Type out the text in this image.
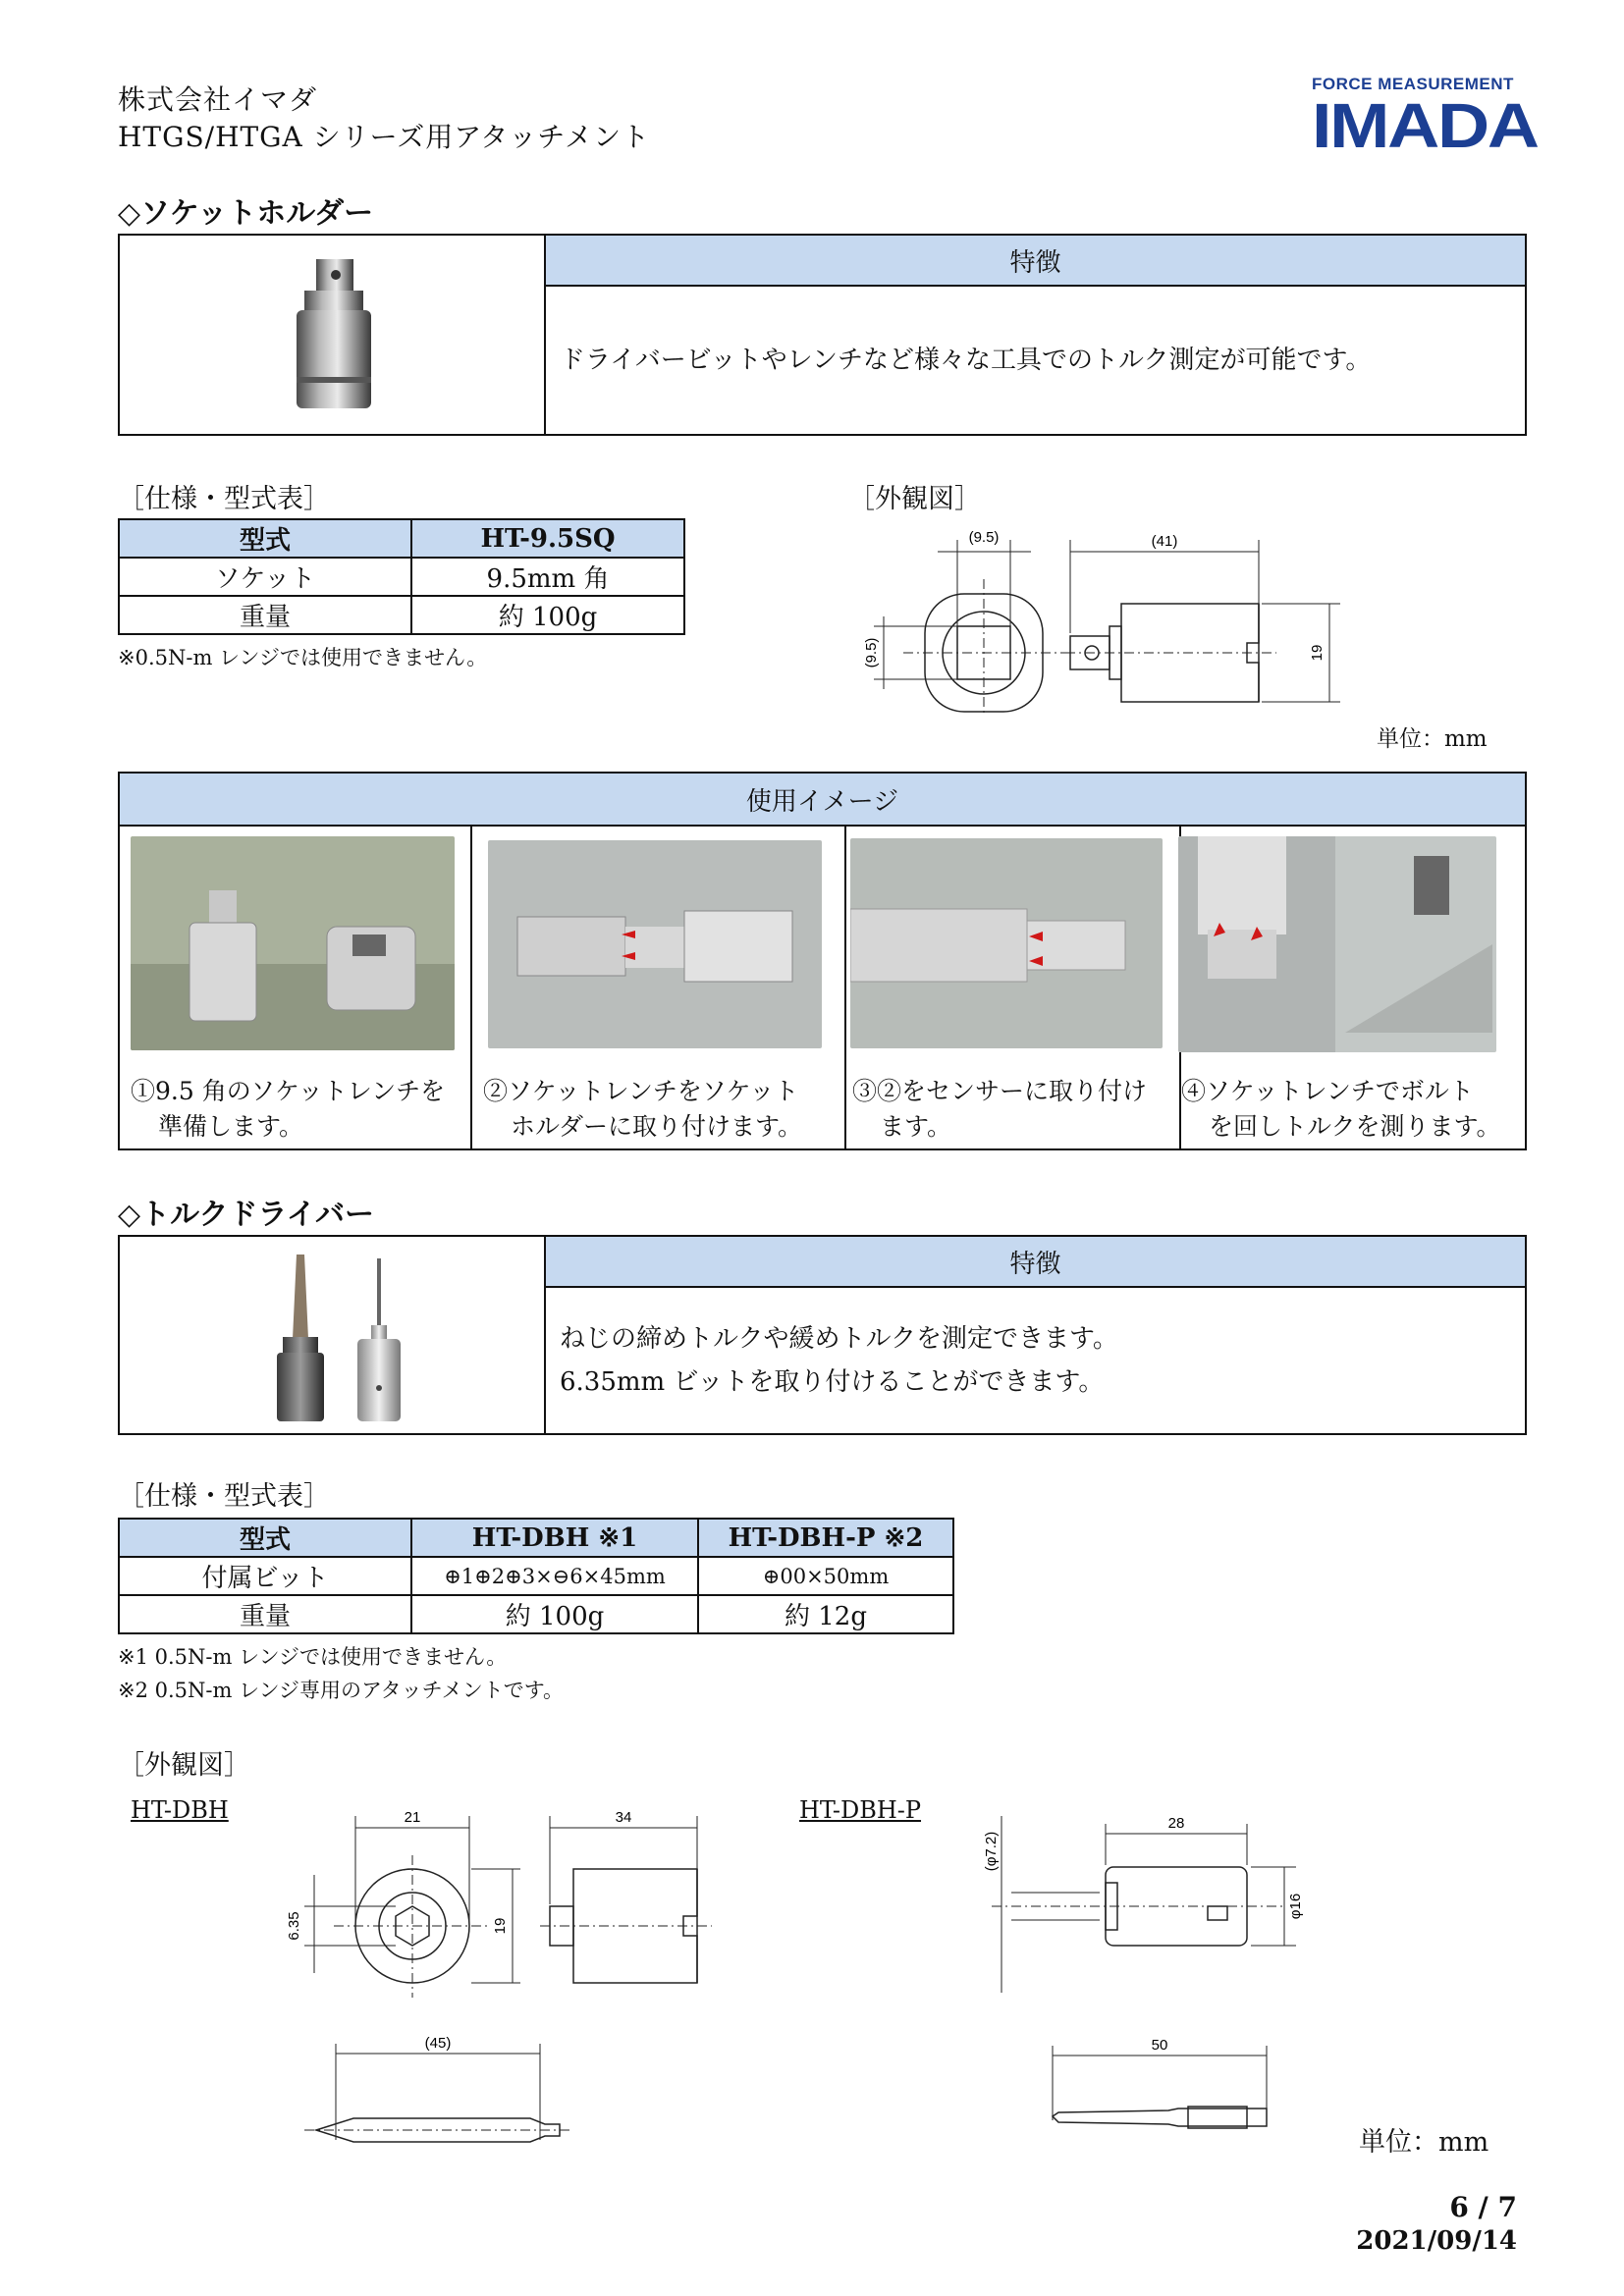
株式会社イマダ
HTGS/HTGA シリーズ用アタッチメント
FORCE MEASUREMENT
IMADA
◇ソケットホルダー
	特徴
ドライバービットやレンチなど様々な工具でのトルク測定が可能です。
［仕様・型式表］
型式	HT-9.5SQ
ソケット	9.5mm 角
重量	約 100g
※0.5N-m レンジでは使用できません。
［外観図］
(9.5)
(9.5)
(41)
19
単位：mm
使用イメージ

①9.5 角のソケットレンチを
準備します。
②ソケットレンチをソケット
ホルダーに取り付けます。
③②をセンサーに取り付け
ます。
④ソケットレンチでボルト
を回しトルクを測ります。
◇トルクドライバー
	特徴

ねじの締めトルクや緩めトルクを測定できます。
6.35mm ビットを取り付けることができます。
［仕様・型式表］
型式	HT-DBH ※1	HT-DBH-P ※2
付属ビット	⊕1⊕2⊕3×⊖6×45mm	⊕00×50mm
重量	約 100g	約 12g
※1 0.5N-m レンジでは使用できません。
※2 0.5N-m レンジ専用のアタッチメントです。
［外観図］
HT-DBH	HT-DBH-P
21	34
6.35	19
(45)
(φ7.2)
28
φ16
50
単位：mm
6 / 7
2021/09/14
